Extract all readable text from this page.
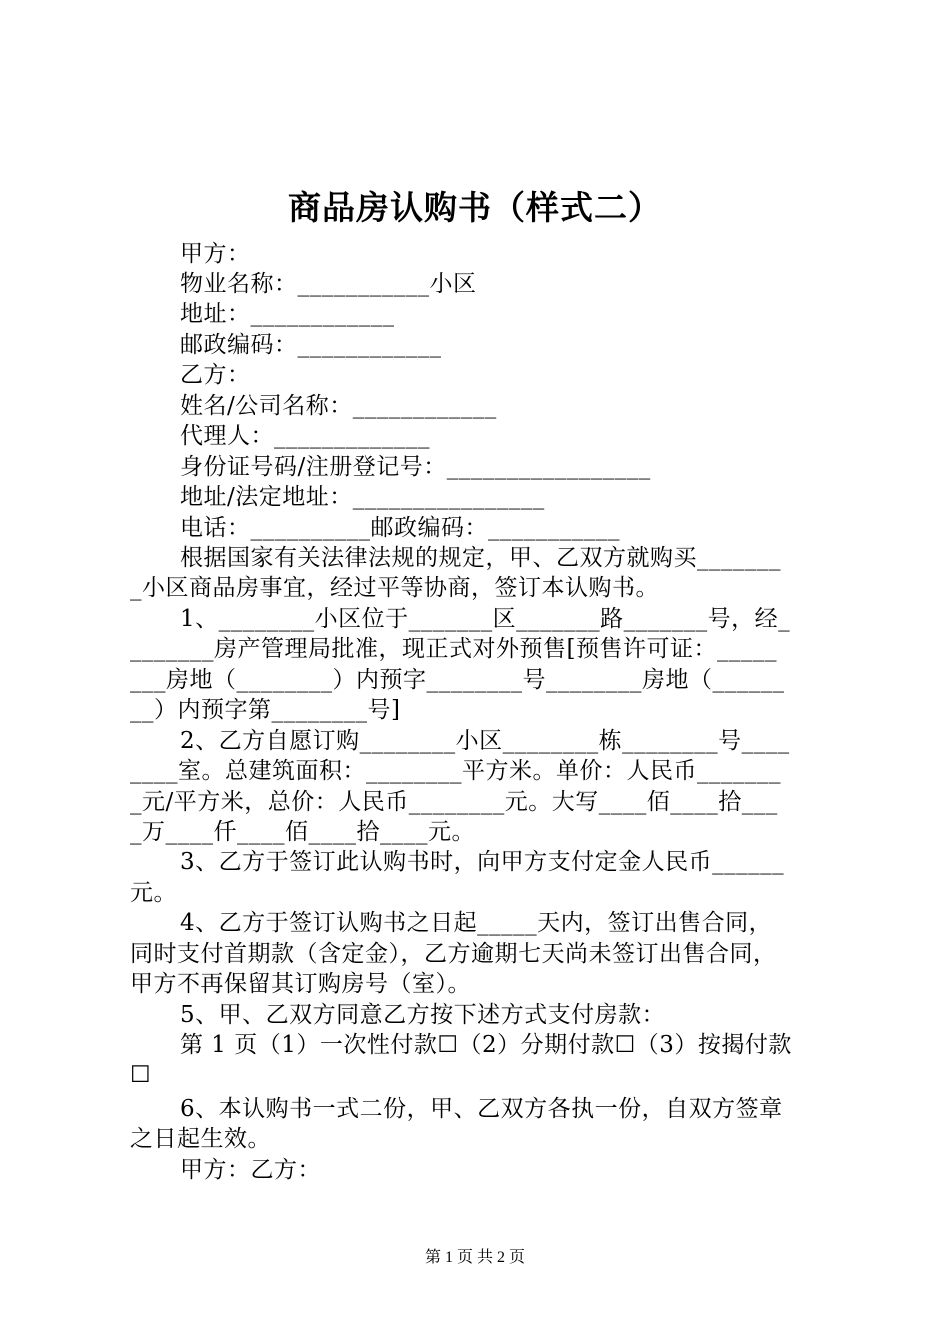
商品房认购书（样式二）
甲方：
物业名称：___________小区
地址：____________
邮政编码：____________
乙方：
姓名/公司名称：____________
代理人：_____________
身份证号码/注册登记号：_________________
地址/法定地址：________________
电话：__________邮政编码：___________
根据国家有关法律法规的规定，甲、乙双方就购买_______
_小区商品房事宜，经过平等协商，签订本认购书。
1、________小区位于_______区_______路_______号，经_
_______房产管理局批准，现正式对外预售[预售许可证：_____
___房地（________）内预字________号________房地（______
__）内预字第________号]
2、乙方自愿订购________小区________栋________号____
____室。总建筑面积：________平方米。单价：人民币_______
_元/平方米，总价：人民币________元。大写____佰____拾___
_万____仟____佰____拾____元。
3、乙方于签订此认购书时，向甲方支付定金人民币______
元。
4、乙方于签订认购书之日起_____天内，签订出售合同，
同时支付首期款（含定金），乙方逾期七天尚未签订出售合同，
甲方不再保留其订购房号（室）。
5、甲、乙双方同意乙方按下述方式支付房款：
第 1 页（1）一次性付款☐（2）分期付款☐（3）按揭付款
☐
6、本认购书一式二份，甲、乙双方各执一份，自双方签章
之日起生效。
甲方：乙方：
第 1 页 共 2 页
